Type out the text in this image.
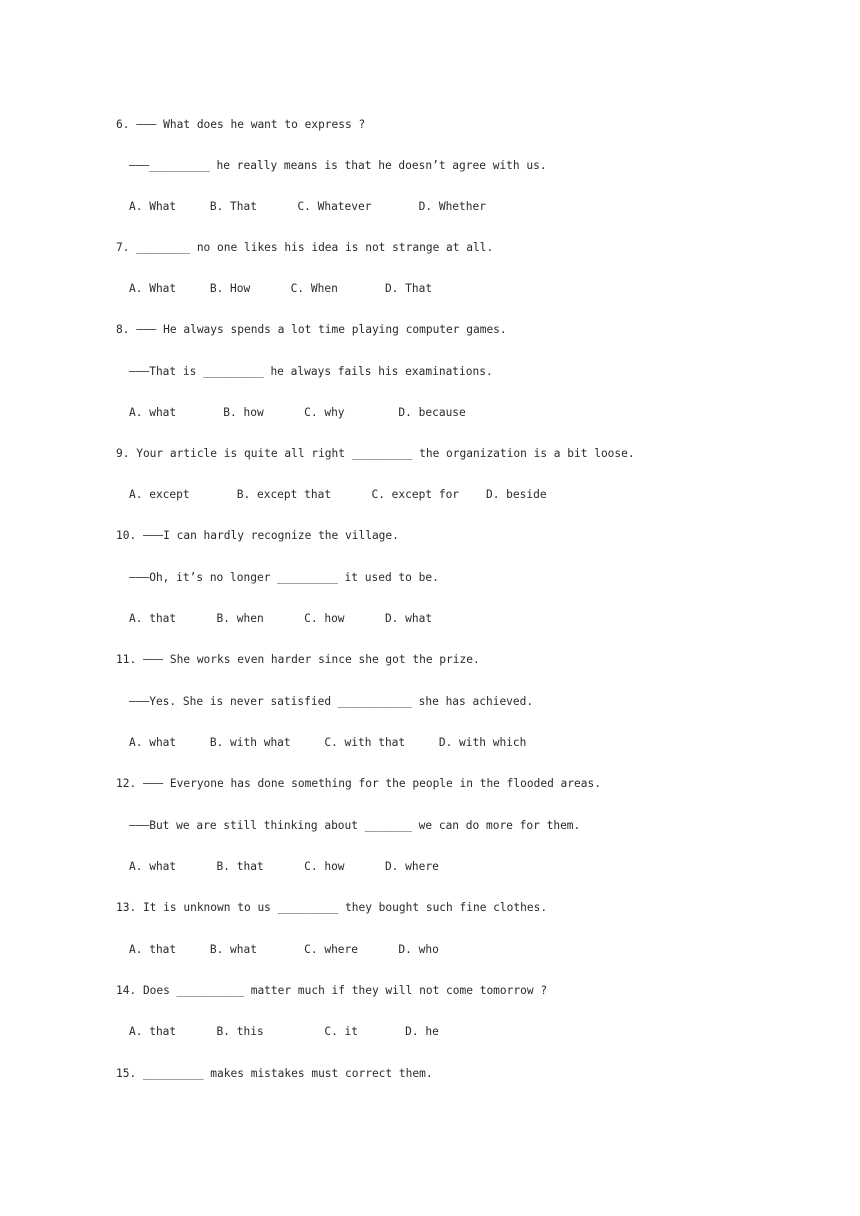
6. ——— What does he want to express ?
———_________ he really means is that he doesn’t agree with us.
A. What     B. That      C. Whatever       D. Whether
7. ________ no one likes his idea is not strange at all.
A. What     B. How      C. When       D. That
8. ——— He always spends a lot time playing computer games.
———That is _________ he always fails his examinations.
A. what       B. how      C. why        D. because
9. Your article is quite all right _________ the organization is a bit loose.
A. except       B. except that      C. except for    D. beside
10. ———I can hardly recognize the village.
———Oh, it’s no longer _________ it used to be.
A. that      B. when      C. how      D. what
11. ——— She works even harder since she got the prize.
———Yes. She is never satisfied ___________ she has achieved.
A. what     B. with what     C. with that     D. with which
12. ——— Everyone has done something for the people in the flooded areas.
———But we are still thinking about _______ we can do more for them.
A. what      B. that      C. how      D. where
13. It is unknown to us _________ they bought such fine clothes.
A. that     B. what       C. where      D. who
14. Does __________ matter much if they will not come tomorrow ?
A. that      B. this         C. it       D. he
15. _________ makes mistakes must correct them.
